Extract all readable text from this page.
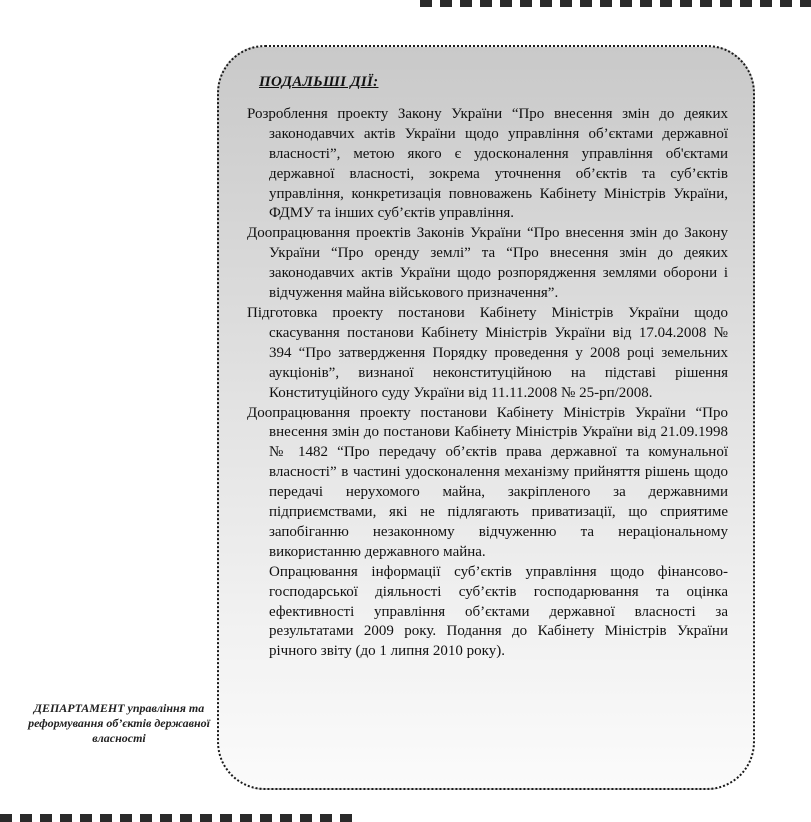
ПОДАЛЬШІ ДІЇ:
Розроблення проекту Закону України “Про внесення змін до деяких законодавчих актів України щодо управління об’єктами державної власності”, метою якого є удосконалення управління об'єктами державної власності, зокрема уточнення об’єктів та суб’єктів управління, конкретизація повноважень Кабінету Міністрів України, ФДМУ та інших суб’єктів управління.
Доопрацювання проектів Законів України “Про внесення змін до Закону України “Про оренду землі” та “Про внесення змін до деяких законодавчих актів України щодо розпорядження землями оборони і відчуження майна військового призначення”.
Підготовка проекту постанови Кабінету Міністрів України щодо скасування постанови Кабінету Міністрів України від 17.04.2008 № 394 “Про затвердження Порядку проведення у 2008 році земельних аукціонів”, визнаної неконституційною на підставі рішення Конституційного суду України від 11.11.2008 № 25-рп/2008.
Доопрацювання проекту постанови Кабінету Міністрів України “Про внесення змін до постанови Кабінету Міністрів України від 21.09.1998 № 1482 “Про передачу об’єктів права державної та комунальної власності” в частині удосконалення механізму прийняття рішень щодо передачі нерухомого майна, закріпленого за державними підприємствами, які не підлягають приватизації, що сприятиме запобіганню незаконному відчуженню та нераціональному використанню державного майна.
Опрацювання інформації суб’єктів управління щодо фінансово-господарської діяльності суб’єктів господарювання та оцінка ефективності управління об’єктами державної власності за результатами 2009 року. Подання до Кабінету Міністрів України річного звіту (до 1 липня 2010 року).
ДЕПАРТАМЕНТ управління та реформування об’єктів державної власності
